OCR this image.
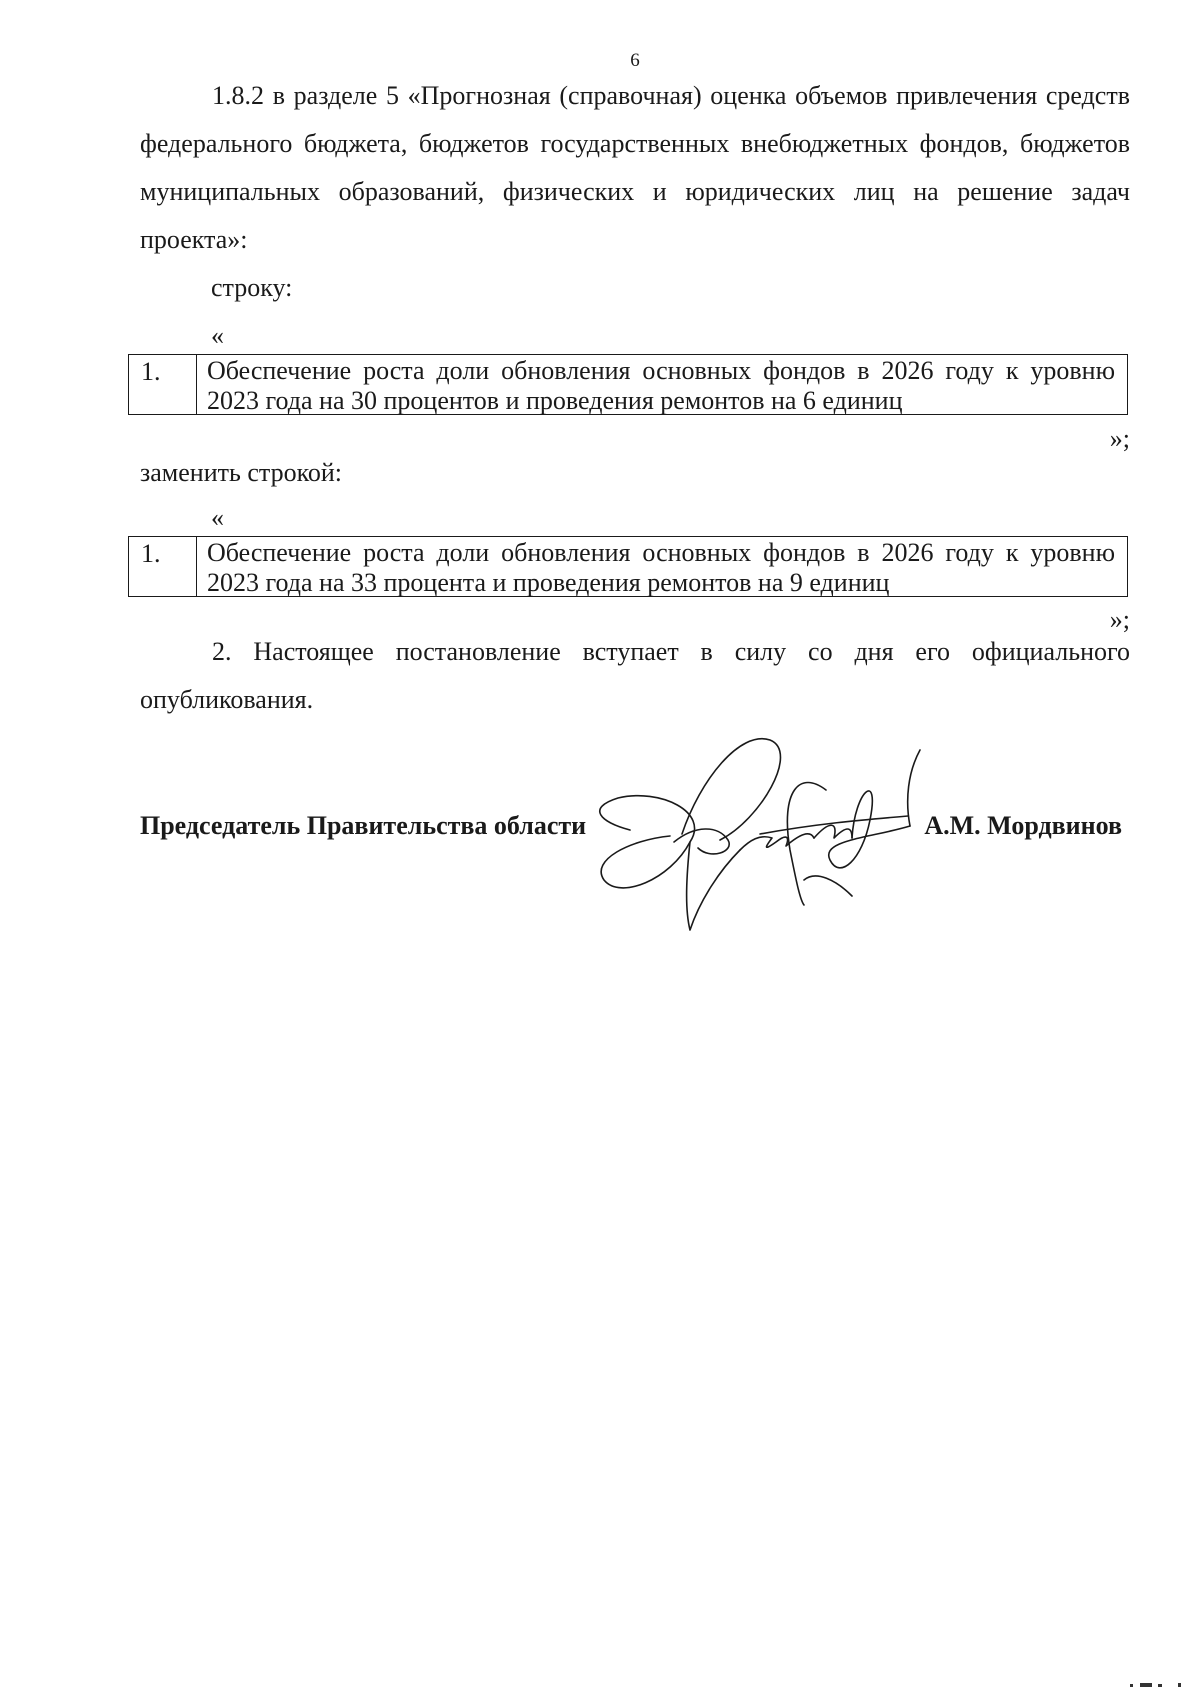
6
1.8.2 в разделе 5 «Прогнозная (справочная) оценка объемов привлечения средств федерального бюджета, бюджетов государственных внебюджетных фондов, бюджетов муниципальных образований, физических и юридических лиц на решение задач проекта»:
строку:
«
1.	Обеспечение роста доли обновления основных фондов в 2026 году к уровню 2023 года на 30 процентов и проведения ремонтов на 6 единиц
»;
заменить строкой:
«
1.	Обеспечение роста доли обновления основных фондов в 2026 году к уровню 2023 года на 33 процента и проведения ремонтов на 9 единиц
»;
2. Настоящее постановление вступает в силу со дня его официального опубликования.
Председатель Правительства области	А.М. Мордвинов
